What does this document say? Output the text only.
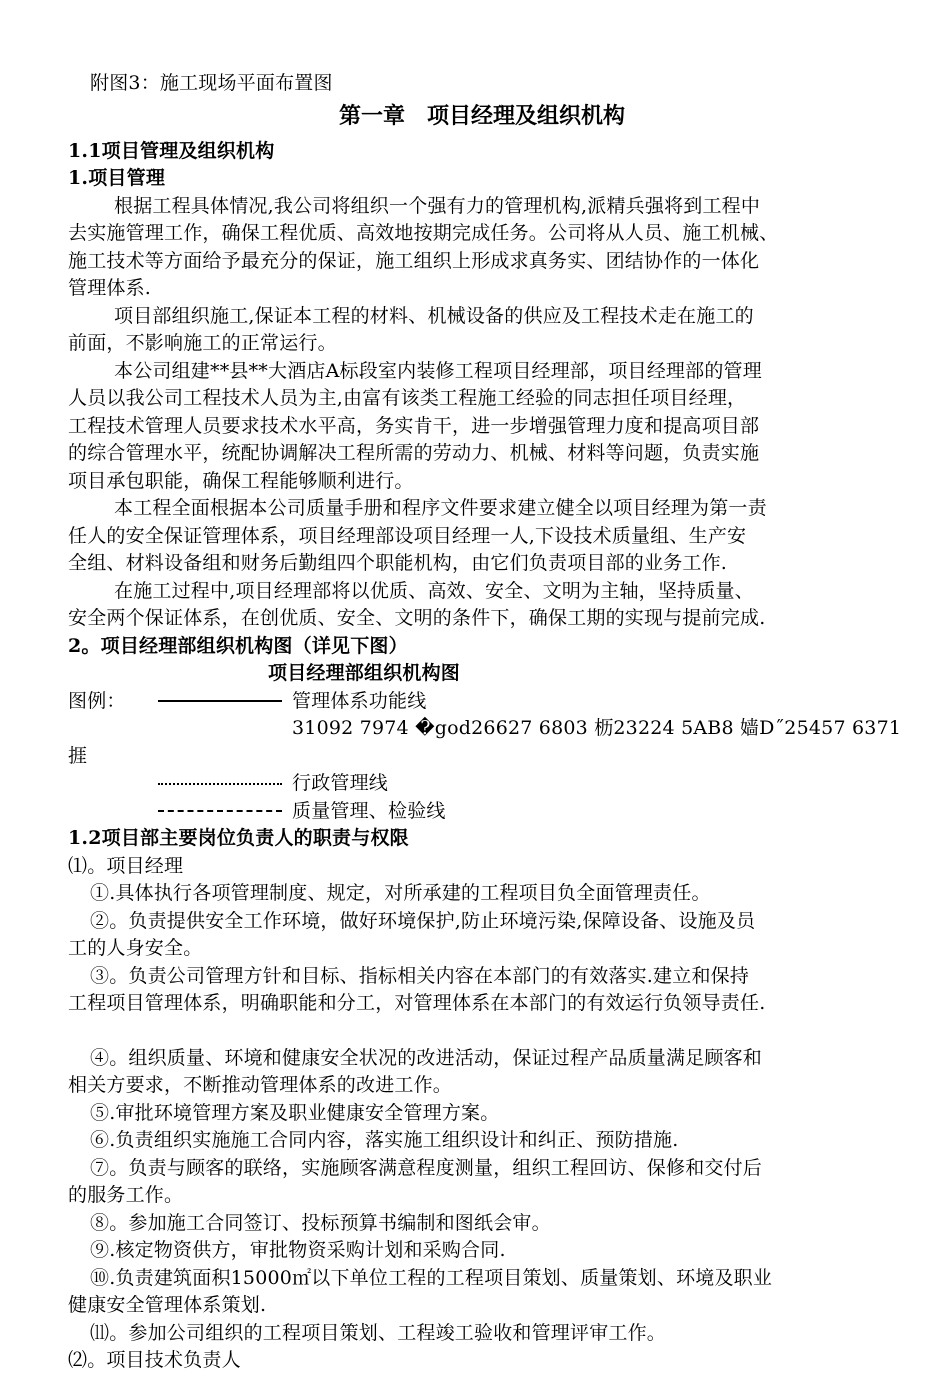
附图3：施工现场平面布置图
第一章　项目经理及组织机构
1.1项目管理及组织机构
1.项目管理
根据工程具体情况,我公司将组织一个强有力的管理机构,派精兵强将到工程中
去实施管理工作，确保工程优质、高效地按期完成任务。公司将从人员、施工机械、
施工技术等方面给予最充分的保证，施工组织上形成求真务实、团结协作的一体化
管理体系.
项目部组织施工,保证本工程的材料、机械设备的供应及工程技术走在施工的
前面，不影响施工的正常运行。
本公司组建**县**大酒店A标段室内装修工程项目经理部，项目经理部的管理
人员以我公司工程技术人员为主,由富有该类工程施工经验的同志担任项目经理，
工程技术管理人员要求技术水平高，务实肯干，进一步增强管理力度和提高项目部
的综合管理水平，统配协调解决工程所需的劳动力、机械、材料等问题，负责实施
项目承包职能，确保工程能够顺利进行。
本工程全面根据本公司质量手册和程序文件要求建立健全以项目经理为第一责
任人的安全保证管理体系，项目经理部设项目经理一人,下设技术质量组、生产安
全组、材料设备组和财务后勤组四个职能机构，由它们负责项目部的业务工作.
在施工过程中,项目经理部将以优质、高效、安全、文明为主轴，坚持质量、
安全两个保证体系，在创优质、安全、文明的条件下，确保工期的实现与提前完成.
2。项目经理部组织机构图（详见下图）
项目经理部组织机构图
图例：	管理体系功能线
31092 7974 �god26627 6803 枥23224 5AB8 嫱D˝25457 6371
捱
行政管理线
质量管理、检验线
1.2项目部主要岗位负责人的职责与权限
⑴。项目经理
①.具体执行各项管理制度、规定，对所承建的工程项目负全面管理责任。
②。负责提供安全工作环境，做好环境保护,防止环境污染,保障设备、设施及员
工的人身安全。
③。负责公司管理方针和目标、指标相关内容在本部门的有效落实.建立和保持
工程项目管理体系，明确职能和分工，对管理体系在本部门的有效运行负领导责任.
④。组织质量、环境和健康安全状况的改进活动，保证过程产品质量满足顾客和
相关方要求，不断推动管理体系的改进工作。
⑤.审批环境管理方案及职业健康安全管理方案。
⑥.负责组织实施施工合同内容，落实施工组织设计和纠正、预防措施.
⑦。负责与顾客的联络，实施顾客满意程度测量，组织工程回访、保修和交付后
的服务工作。
⑧。参加施工合同签订、投标预算书编制和图纸会审。
⑨.核定物资供方，审批物资采购计划和采购合同.
⑩.负责建筑面积15000㎡以下单位工程的工程项目策划、质量策划、环境及职业
健康安全管理体系策划.
⑾。参加公司组织的工程项目策划、工程竣工验收和管理评审工作。
⑵。项目技术负责人
